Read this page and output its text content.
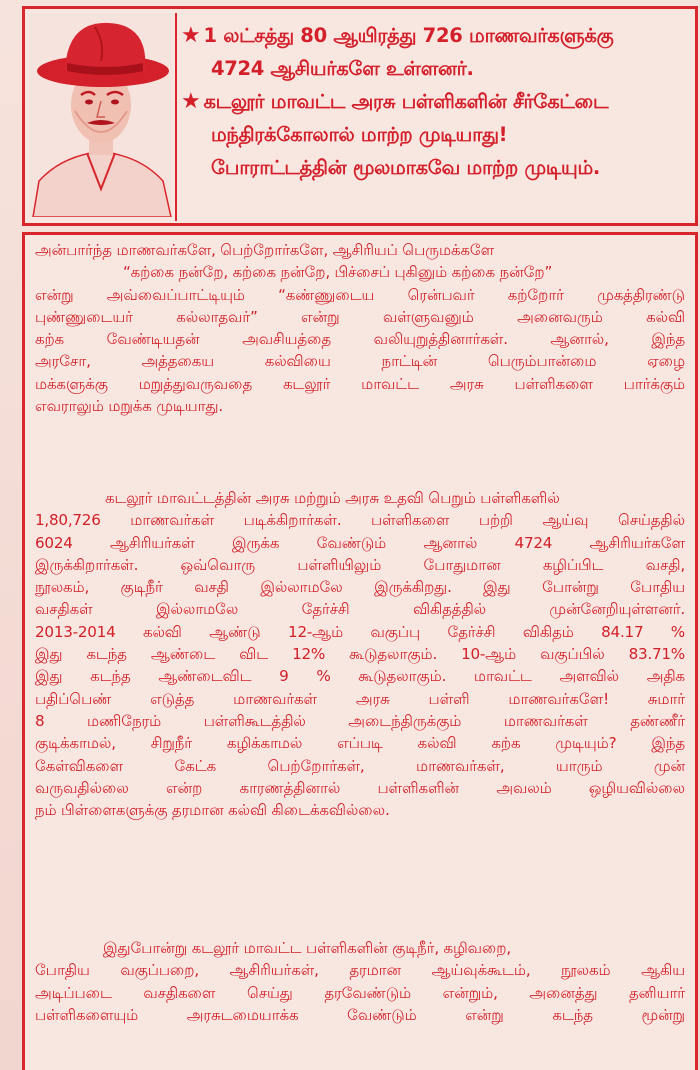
★ 1 லட்சத்து 80 ஆயிரத்து 726 மாணவர்களுக்கு
4724 ஆசியர்களே உள்ளனர்.
★ கடலூர் மாவட்ட அரசு பள்ளிகளின் சீர்கேட்டை
மந்திரக்கோலால் மாற்ற முடியாது!
போராட்டத்தின் மூலமாகவே மாற்ற முடியும்.
அன்பார்ந்த மாணவர்களே, பெற்றோர்களே, ஆசிரியப் பெருமக்களே
“கற்கை நன்றே, கற்கை நன்றே, பிச்சைப் புகினும் கற்கை நன்றே”
என்று அவ்வைப்பாட்டியும் “கண்ணுடைய ரென்பவர் கற்றோர் முகத்திரண்டு
புண்ணுடையர் கல்லாதவர்” என்று வள்ளுவனும் அனைவரும் கல்வி
கற்க வேண்டியதன் அவசியத்தை வலியுறுத்தினார்கள். ஆனால், இந்த
அரசோ, அத்தகைய கல்வியை நாட்டின் பெரும்பான்மை ஏழை
மக்களுக்கு மறுத்துவருவதை கடலூர் மாவட்ட அரசு பள்ளிகளை பார்க்கும்
எவராலும் மறுக்க முடியாது.
கடலூர் மாவட்டத்தின் அரசு மற்றும் அரசு உதவி பெறும் பள்ளிகளில்
1,80,726 மாணவர்கள் படிக்கிறார்கள். பள்ளிகளை பற்றி ஆய்வு செய்ததில்
6024 ஆசிரியர்கள் இருக்க வேண்டும் ஆனால் 4724 ஆசிரியர்களே
இருக்கிறார்கள். ஒவ்வொரு பள்ளியிலும் போதுமான கழிப்பிட வசதி,
நூலகம், குடிநீர் வசதி இல்லாமலே இருக்கிறது. இது போன்று போதிய
வசதிகள் இல்லாமலே தேர்ச்சி விகிதத்தில் முன்னேறியுள்ளனர்.
2013-2014 கல்வி ஆண்டு 12-ஆம் வகுப்பு தேர்ச்சி விகிதம் 84.17 %
இது கடந்த ஆண்டை விட 12% கூடுதலாகும். 10-ஆம் வகுப்பில் 83.71%
இது கடந்த ஆண்டைவிட 9 % கூடுதலாகும். மாவட்ட அளவில் அதிக
பதிப்பெண் எடுத்த மாணவர்கள் அரசு பள்ளி மாணவர்களே! சுமார்
8 மணிநேரம் பள்ளிகூடத்தில் அடைந்திருக்கும் மாணவர்கள் தண்ணீர்
குடிக்காமல், சிறுநீர் கழிக்காமல் எப்படி கல்வி கற்க முடியும்? இந்த
கேள்விகளை கேட்க பெற்றோர்கள், மாணவர்கள், யாரும் முன்
வருவதில்லை என்ற காரணத்தினால் பள்ளிகளின் அவலம் ஒழியவில்லை
நம் பிள்ளைகளுக்கு தரமான கல்வி கிடைக்கவில்லை.
இதுபோன்று கடலூர் மாவட்ட பள்ளிகளின் குடிநீர், கழிவறை,
போதிய வகுப்பறை, ஆசிரியர்கள், தரமான ஆய்வுக்கூடம், நூலகம் ஆகிய
அடிப்படை வசதிகளை செய்து தரவேண்டும் என்றும், அனைத்து தனியார்
பள்ளிகளையும் அரசுடமையாக்க வேண்டும் என்று கடந்த மூன்று
